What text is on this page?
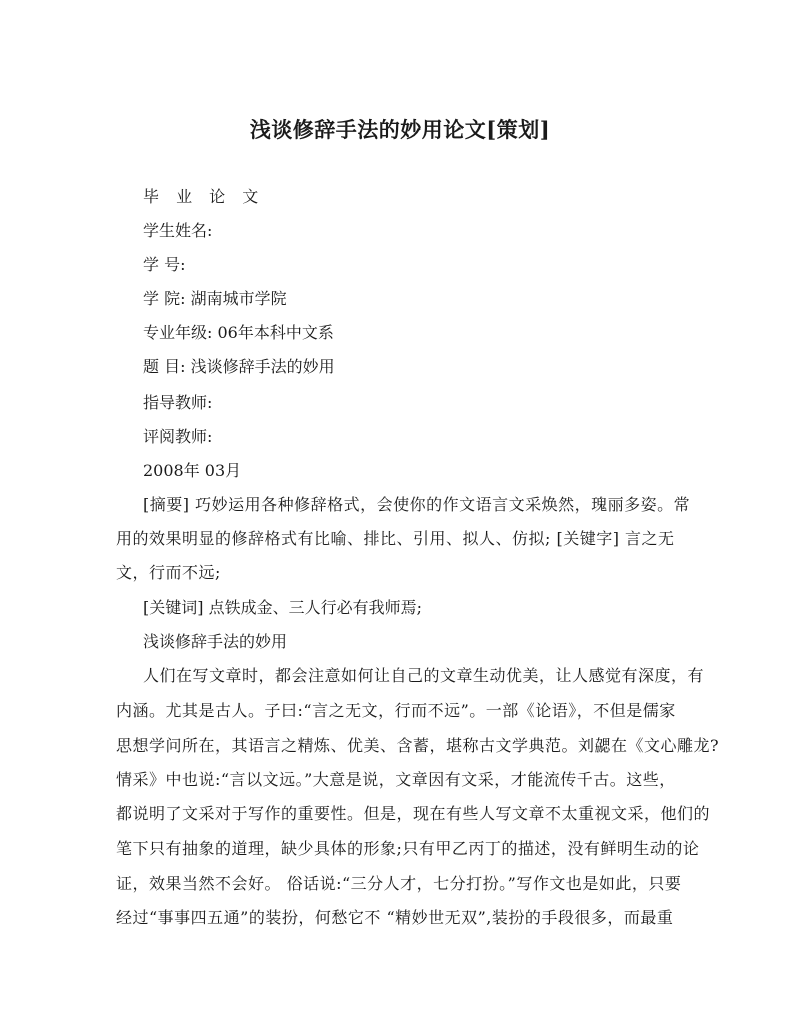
浅谈修辞手法的妙用论文[策划]
毕 业 论 文
学生姓名:
学 号:
学 院: 湖南城市学院
专业年级: 06年本科中文系
题 目: 浅谈修辞手法的妙用
指导教师:
评阅教师:
2008年 03月
[摘要] 巧妙运用各种修辞格式，会使你的作文语言文采焕然，瑰丽多姿。常
用的效果明显的修辞格式有比喻、排比、引用、拟人、仿拟; [关键字] 言之无
文，行而不远;
[关键词] 点铁成金、三人行必有我师焉;
浅谈修辞手法的妙用
人们在写文章时，都会注意如何让自己的文章生动优美，让人感觉有深度，有
内涵。尤其是古人。子曰:“言之无文，行而不远”。一部《论语》，不但是儒家
思想学问所在，其语言之精炼、优美、含蓄，堪称古文学典范。刘勰在《文心雕龙?
情采》中也说:“言以文远。”大意是说，文章因有文采，才能流传千古。这些，
都说明了文采对于写作的重要性。但是，现在有些人写文章不太重视文采，他们的
笔下只有抽象的道理，缺少具体的形象;只有甲乙丙丁的描述，没有鲜明生动的论
证，效果当然不会好。 俗话说:“三分人才，七分打扮。”写作文也是如此，只要
经过“事事四五通”的装扮，何愁它不 “精妙世无双”,装扮的手段很多，而最重
